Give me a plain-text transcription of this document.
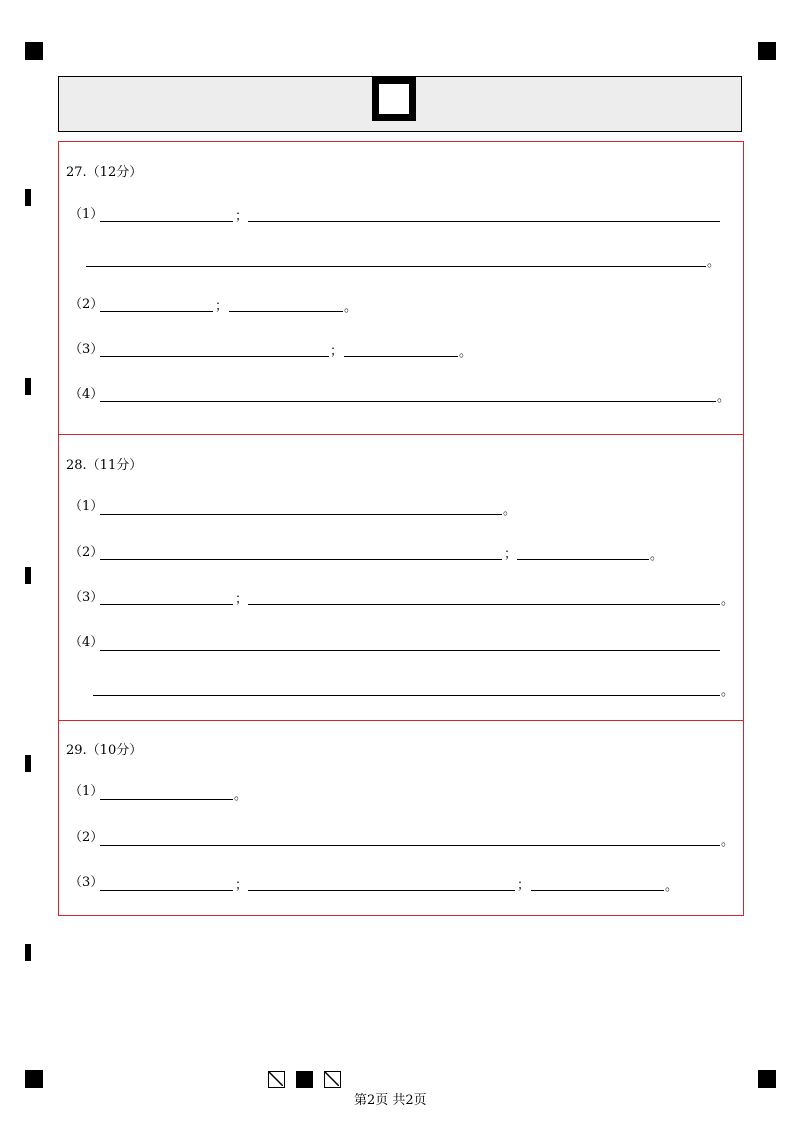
27.（12分）
（1）	；
。
（2）	；	。
（3）	；	。
（4）	。
28.（11分）
（1）	。
（2）	；	。
（3）	；	。
（4）
。
29.（10分）
（1）	。
（2）	。
（3）	；	；	。
第2页 共2页
